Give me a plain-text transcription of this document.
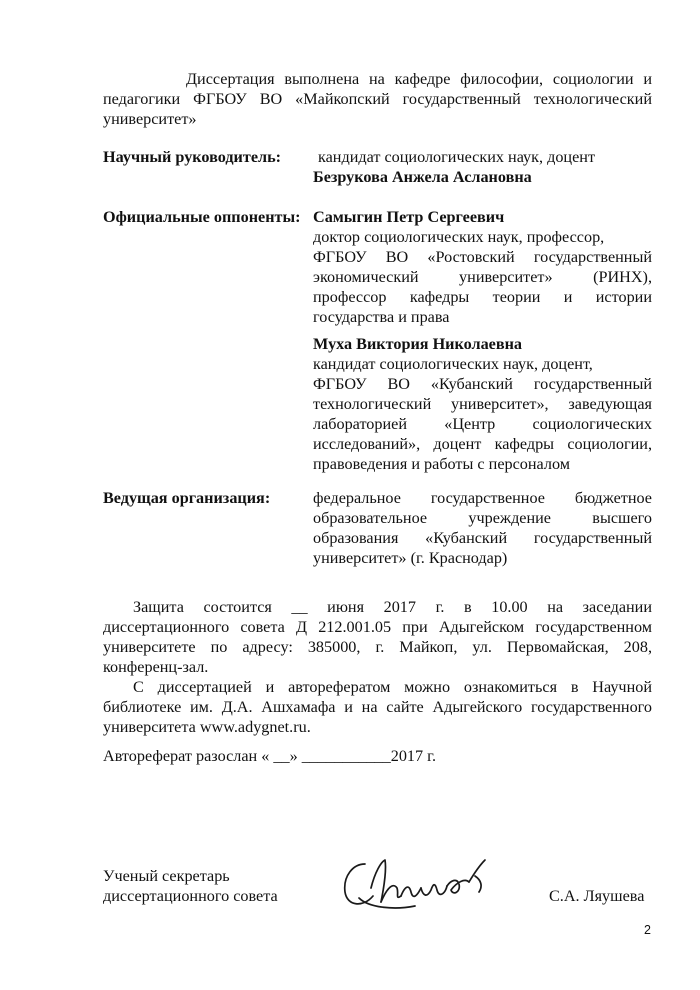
Диссертация выполнена на кафедре философии, социологии и
педагогики ФГБОУ ВО «Майкопский государственный технологический
университет»
Научный руководитель: кандидат социологических наук, доцент
Безрукова Анжела Аслановна
Официальные оппоненты: Самыгин Петр Сергеевич
доктор социологических наук, профессор,
ФГБОУ ВО «Ростовский государственный
экономический университет» (РИНХ),
профессор кафедры теории и истории
государства и права
Муха Виктория Николаевна
кандидат социологических наук, доцент,
ФГБОУ ВО «Кубанский государственный
технологический университет», заведующая
лабораторией «Центр социологических
исследований», доцент кафедры социологии,
правоведения и работы с персоналом
Ведущая организация:	федеральное государственное бюджетное
образовательное учреждение высшего
образования «Кубанский государственный
университет» (г. Краснодар)
Защита состоится __ июня 2017 г. в 10.00 на заседании
диссертационного совета Д 212.001.05 при Адыгейском государственном
университете по адресу: 385000, г. Майкоп, ул. Первомайская, 208,
конференц-зал.
С диссертацией и авторефератом можно ознакомиться в Научной
библиотеке им. Д.А. Ашхамафа и на сайте Адыгейского государственного
университета www.adygnet.ru.
Автореферат разослан « __» ___________2017 г.
Ученый секретарь
диссертационного совета	С.А. Ляушева
2
